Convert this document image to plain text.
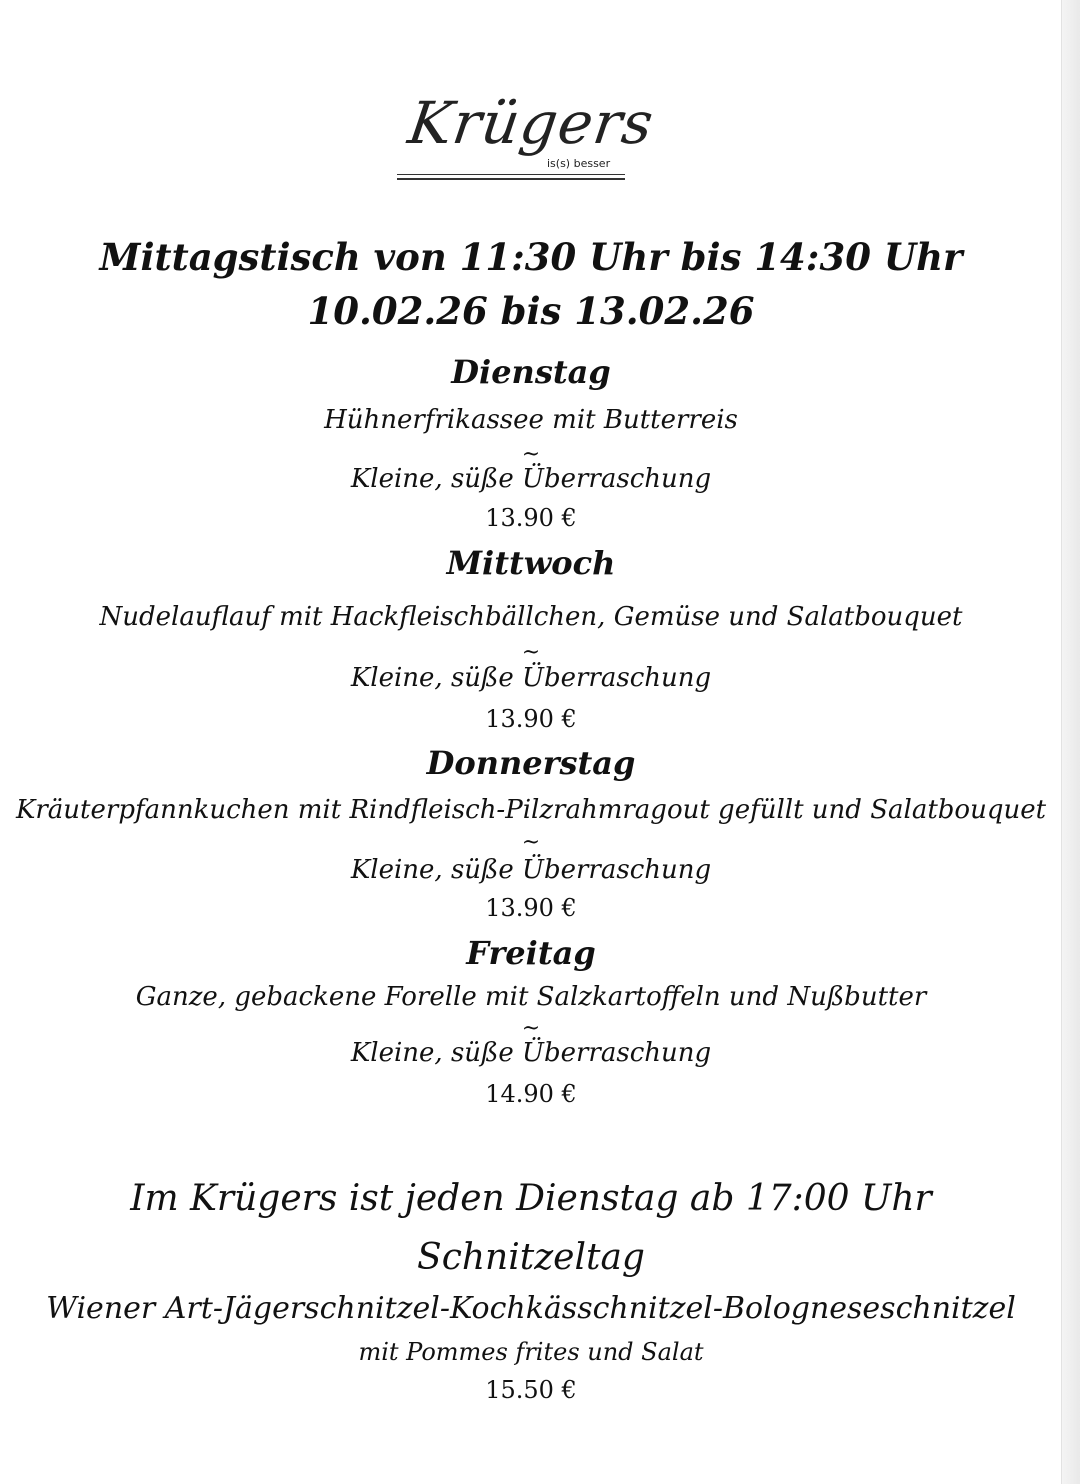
Krügers
is(s) besser
Mittagstisch von 11:30 Uhr bis 14:30 Uhr
10.02.26 bis 13.02.26
Dienstag
Hühnerfrikassee mit Butterreis
~
Kleine, süße Überraschung
13.90 €
Mittwoch
Nudelauflauf mit Hackfleischbällchen, Gemüse und Salatbouquet
~
Kleine, süße Überraschung
13.90 €
Donnerstag
Kräuterpfannkuchen mit Rindfleisch-Pilzrahmragout gefüllt und Salatbouquet
~
Kleine, süße Überraschung
13.90 €
Freitag
Ganze, gebackene Forelle mit Salzkartoffeln und Nußbutter
~
Kleine, süße Überraschung
14.90 €
Im Krügers ist jeden Dienstag ab 17:00 Uhr
Schnitzeltag
Wiener Art-Jägerschnitzel-Kochkässchnitzel-Bologneseschnitzel
mit Pommes frites und Salat
15.50 €
